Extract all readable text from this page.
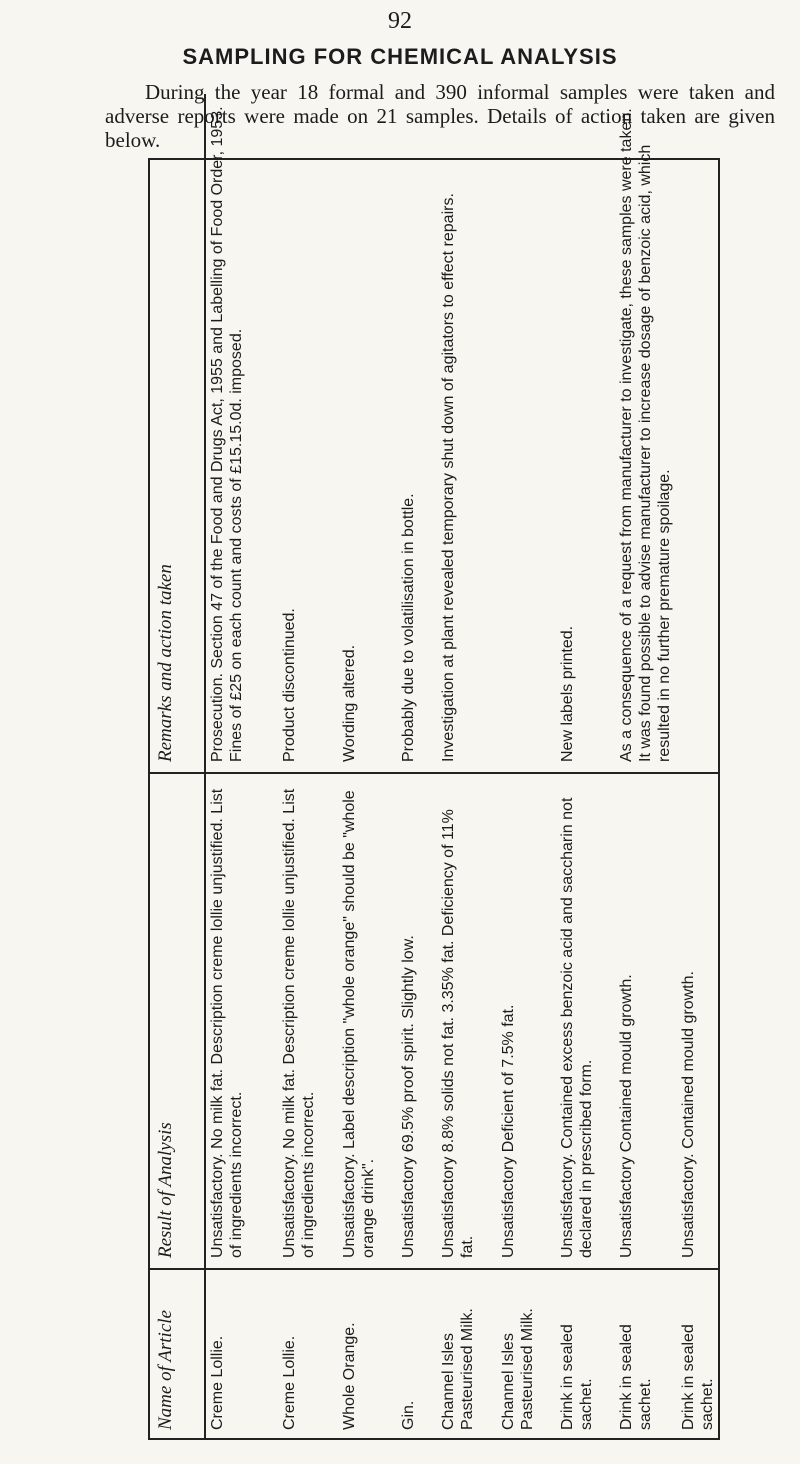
92
SAMPLING FOR CHEMICAL ANALYSIS

During the year 18 formal and 390 informal samples were taken and adverse reports were made on 21 samples. Details of action taken are given below.

Name of Article	Result of Analysis	Remarks and action taken
Creme Lollie.	Unsatisfactory. No milk fat. Description creme lollie unjustified. List of ingredients incorrect.	Prosecution. Section 47 of the Food and Drugs Act, 1955 and Labelling of Food Order, 1953. Fines of £25 on each count and costs of £15.15.0d. imposed.
Creme Lollie.	Unsatisfactory. No milk fat. Description creme lollie unjustified. List of ingredients incorrect.	Product discontinued.
Whole Orange.	Unsatisfactory. Label description "whole orange" should be "whole orange drink".	Wording altered.
Gin.	Unsatisfactory 69.5% proof spirit. Slightly low.	Probably due to volatilisation in bottle.
Channel Isles Pasteurised Milk.	Unsatisfactory 8.8% solids not fat. 3.35% fat. Deficiency of 11% fat.	Investigation at plant revealed temporary shut down of agitators to effect repairs.
Channel Isles Pasteurised Milk.	Unsatisfactory Deficient of 7.5% fat.	
Drink in sealed sachet.	Unsatisfactory. Contained excess benzoic acid and saccharin not declared in prescribed form.	New labels printed.
Drink in sealed sachet.	Unsatisfactory Contained mould growth.	As a consequence of a request from manufacturer to investigate, these samples were taken. It was found possible to advise manufacturer to increase dosage of benzoic acid, which resulted in no further premature spoilage.
Drink in sealed sachet.	Unsatisfactory. Contained mould growth.	
